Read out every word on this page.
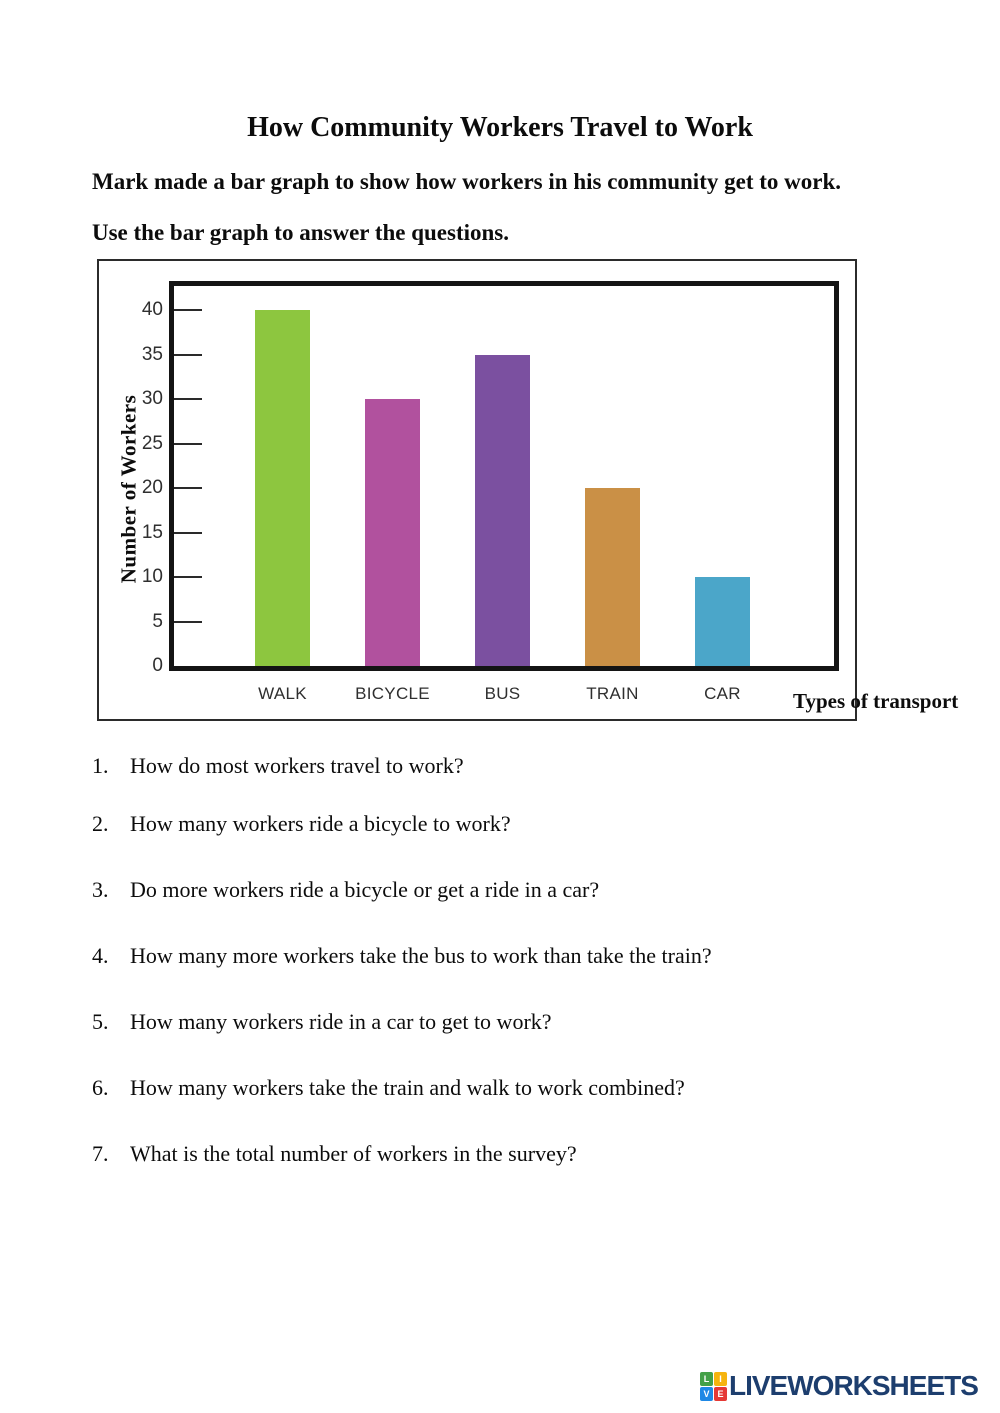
How Community Workers Travel to Work

Mark made a bar graph to show how workers in his community get to work.

Use the bar graph to answer the questions.

Number of Workers
Types of transport
0
5
10
15
20
25
30
35
40
WALK	BICYCLE	BUS	TRAIN	CAR
1. How do most workers travel to work?
2. How many workers ride a bicycle to work?
3. Do more workers ride a bicycle or get a ride in a car?
4. How many more workers take the bus to work than take the train?
5. How many workers ride in a car to get to work?
6. How many workers take the train and walk to work combined?
7. What is the total number of workers in the survey?
L	I
V E LIVEWORKSHEETS
